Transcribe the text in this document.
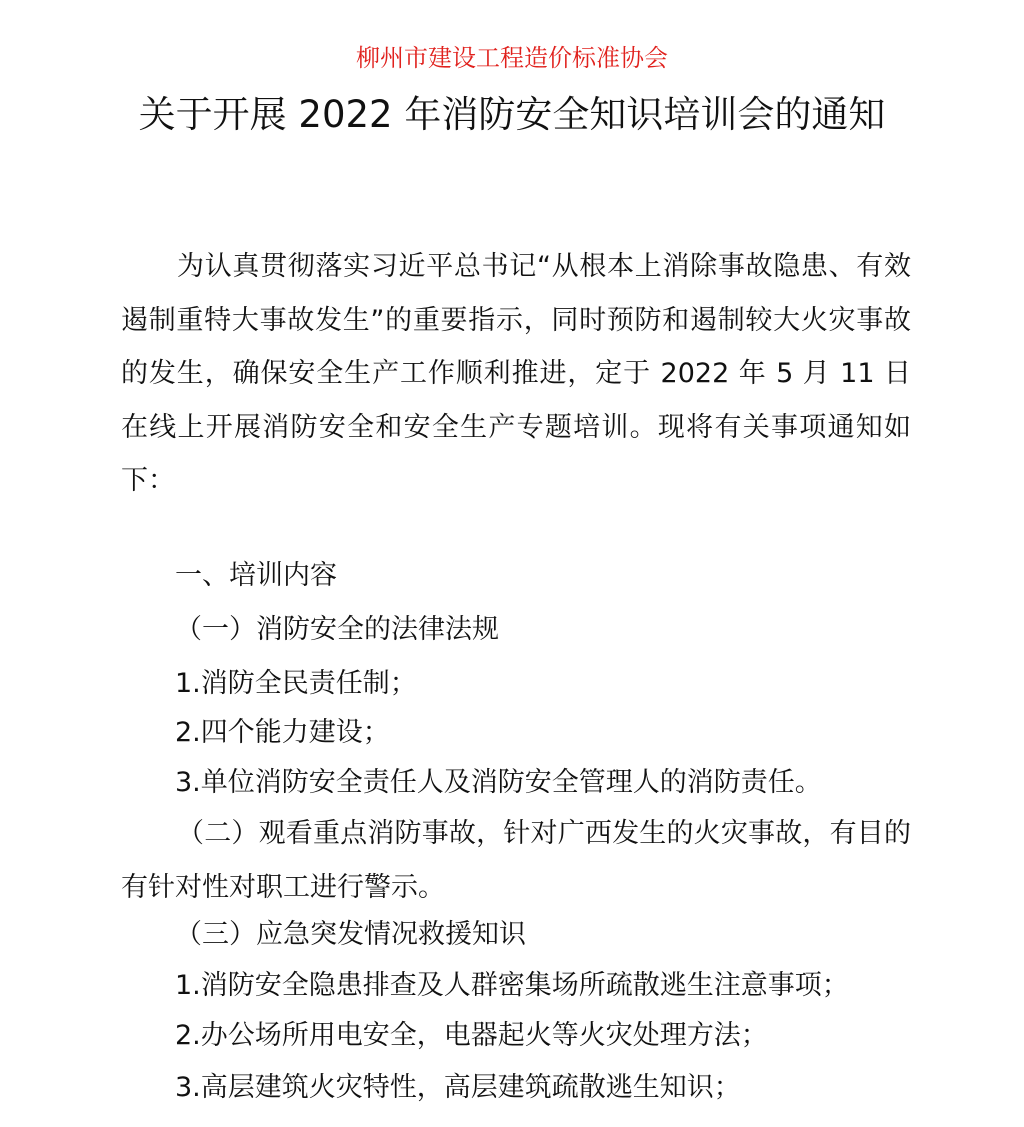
柳州市建设工程造价标准协会
关于开展 2022 年消防安全知识培训会的通知

为认真贯彻落实习近平总书记“从根本上消除事故隐患、有效遏制重特大事故发生”的重要指示，同时预防和遏制较大火灾事故的发生，确保安全生产工作顺利推进，定于 2022 年 5 月 11 日在线上开展消防安全和安全生产专题培训。现将有关事项通知如下：

一、培训内容

（一）消防安全的法律法规

1.消防全民责任制；

2.四个能力建设；

3.单位消防安全责任人及消防安全管理人的消防责任。

（二）观看重点消防事故，针对广西发生的火灾事故，有目的有针对性对职工进行警示。

（三）应急突发情况救援知识

1.消防安全隐患排查及人群密集场所疏散逃生注意事项；

2.办公场所用电安全，电器起火等火灾处理方法；

3.高层建筑火灾特性，高层建筑疏散逃生知识；
